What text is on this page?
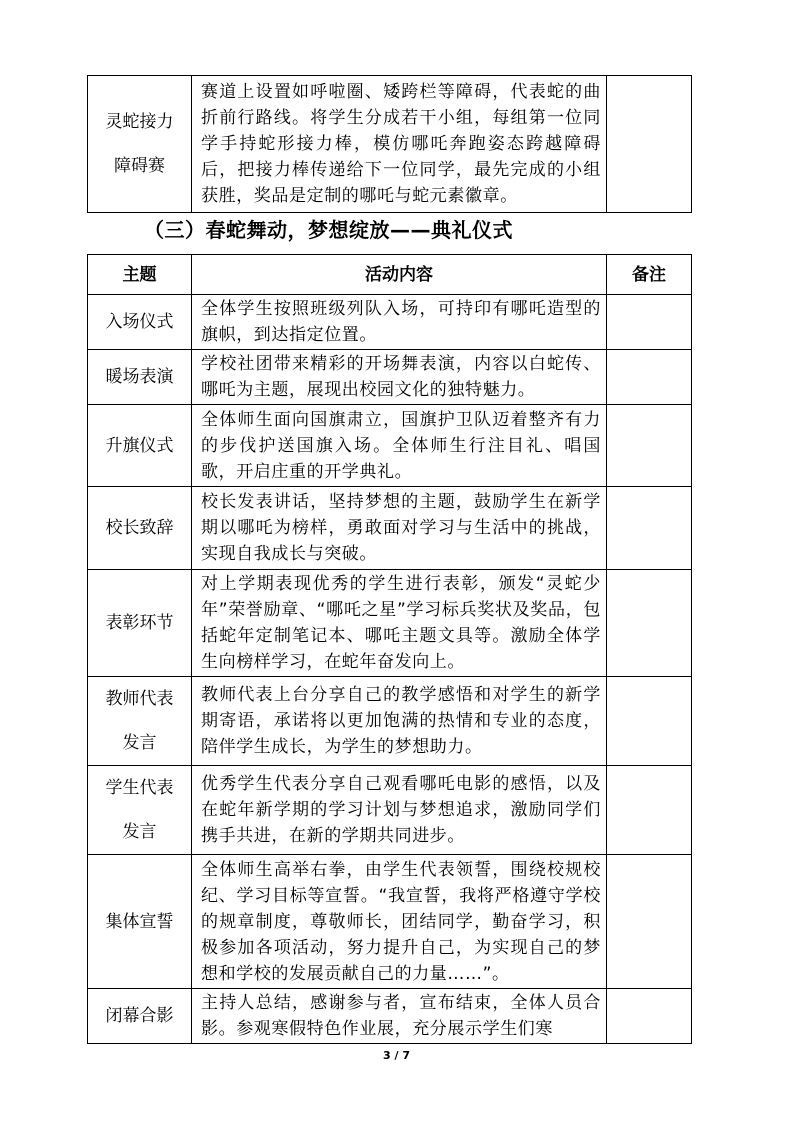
灵蛇接力障碍赛	赛道上设置如呼啦圈、矮跨栏等障碍，代表蛇的曲折前行路线。将学生分成若干小组，每组第一位同学手持蛇形接力棒，模仿哪吒奔跑姿态跨越障碍后，把接力棒传递给下一位同学，最先完成的小组获胜，奖品是定制的哪吒与蛇元素徽章。	
（三）春蛇舞动，梦想绽放——典礼仪式
主题	活动内容	备注
入场仪式	全体学生按照班级列队入场，可持印有哪吒造型的旗帜，到达指定位置。	
暖场表演	学校社团带来精彩的开场舞表演，内容以白蛇传、哪吒为主题，展现出校园文化的独特魅力。	
升旗仪式	全体师生面向国旗肃立，国旗护卫队迈着整齐有力的步伐护送国旗入场。全体师生行注目礼、唱国歌，开启庄重的开学典礼。	
校长致辞	校长发表讲话，坚持梦想的主题，鼓励学生在新学期以哪吒为榜样，勇敢面对学习与生活中的挑战，实现自我成长与突破。	
表彰环节	对上学期表现优秀的学生进行表彰，颁发“灵蛇少年”荣誉励章、“哪吒之星”学习标兵奖状及奖品，包括蛇年定制笔记本、哪吒主题文具等。激励全体学生向榜样学习，在蛇年奋发向上。	
教师代表发言	教师代表上台分享自己的教学感悟和对学生的新学期寄语，承诺将以更加饱满的热情和专业的态度，陪伴学生成长，为学生的梦想助力。	
学生代表发言	优秀学生代表分享自己观看哪吒电影的感悟，以及在蛇年新学期的学习计划与梦想追求，激励同学们携手共进，在新的学期共同进步。	
集体宣誓	全体师生高举右拳，由学生代表领誓，围绕校规校纪、学习目标等宣誓。“我宣誓，我将严格遵守学校的规章制度，尊敬师长，团结同学，勤奋学习，积极参加各项活动，努力提升自己，为实现自己的梦想和学校的发展贡献自己的力量……”。	
闭幕合影	主持人总结，感谢参与者，宣布结束，全体人员合影。参观寒假特色作业展，充分展示学生们寒	
3 / 7
